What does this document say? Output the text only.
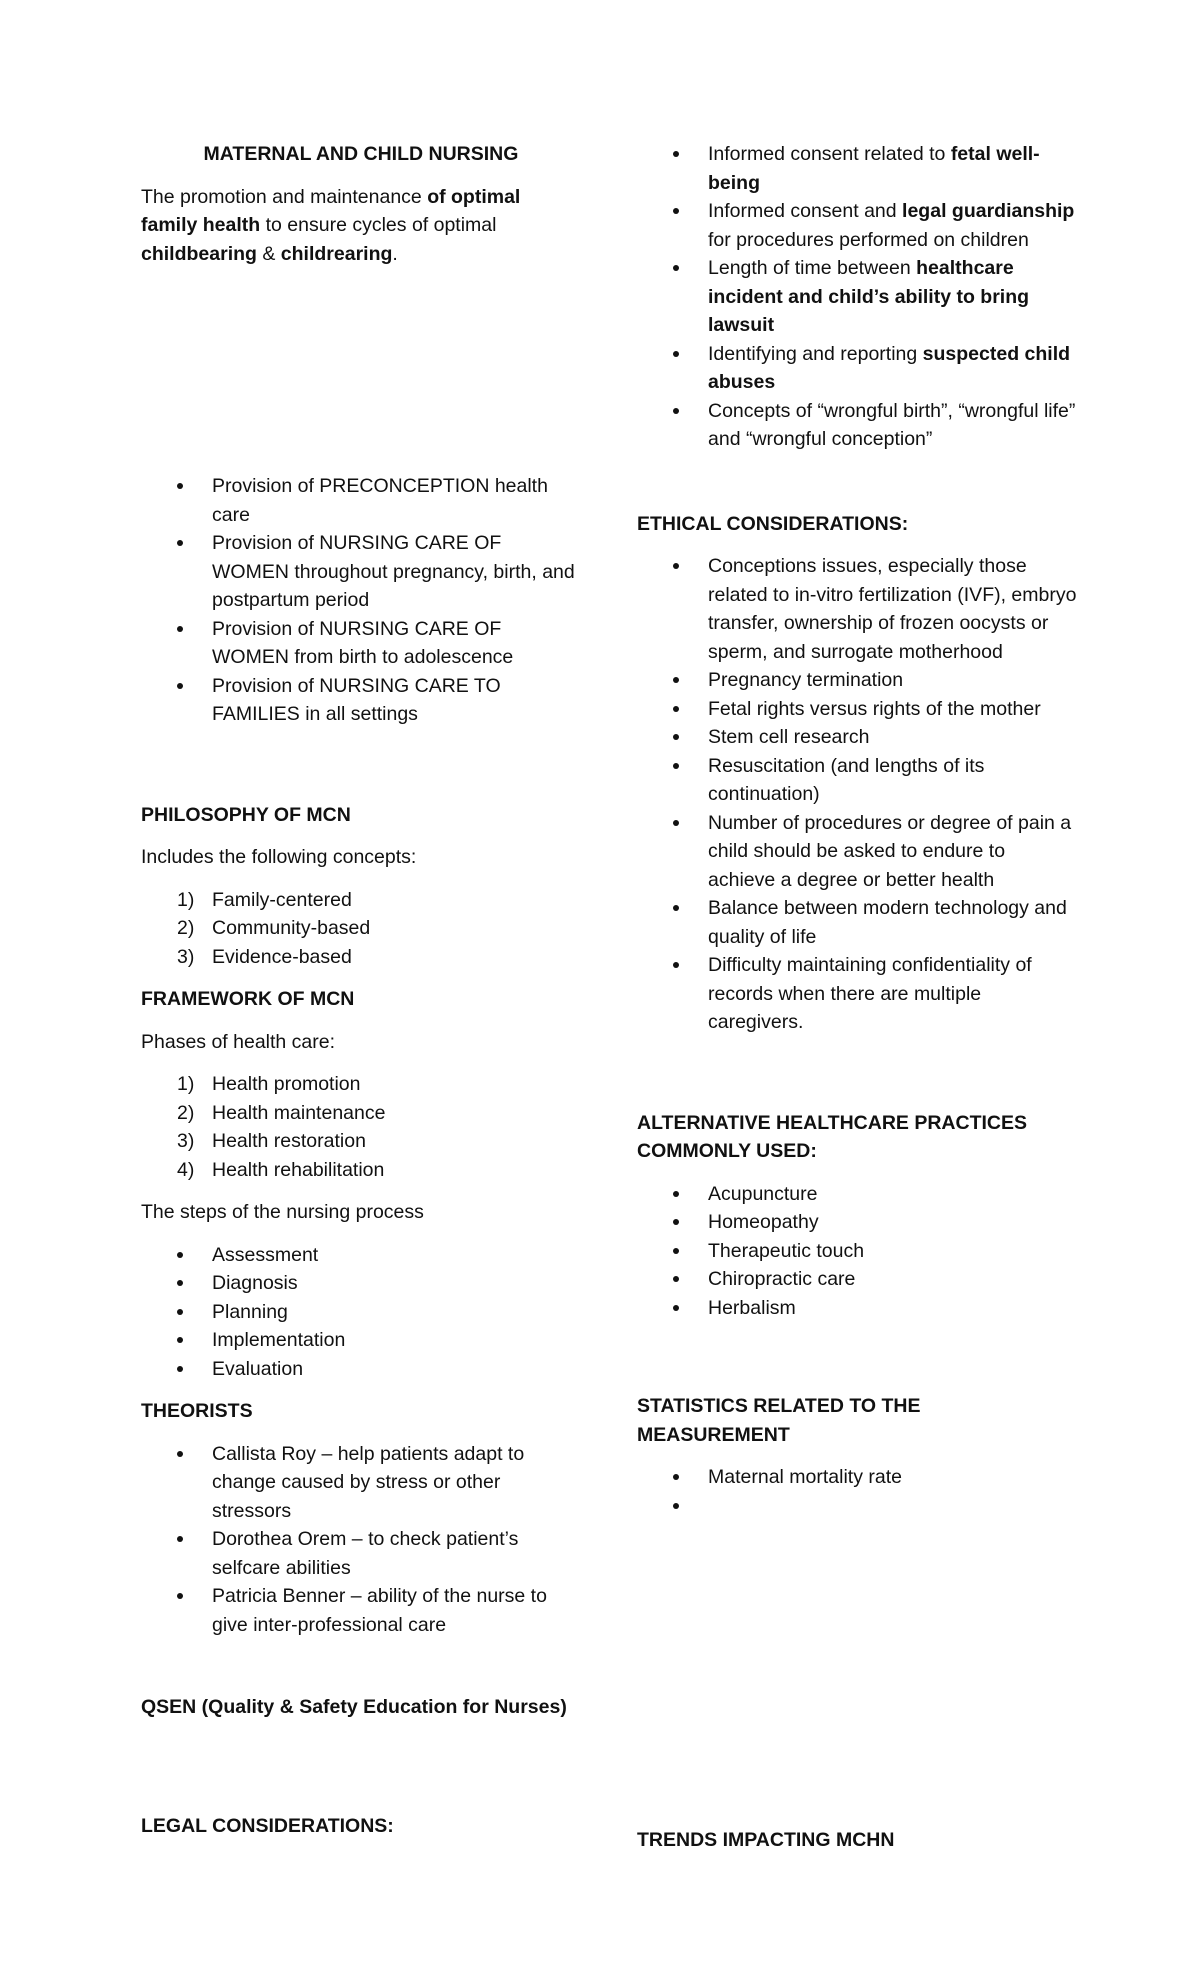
MATERNAL AND CHILD NURSING
The promotion and maintenance of optimal family health to ensure cycles of optimal childbearing & childrearing.
Provision of PRECONCEPTION health care
Provision of NURSING CARE OF WOMEN throughout pregnancy, birth, and postpartum period
Provision of NURSING CARE OF WOMEN from birth to adolescence
Provision of NURSING CARE TO FAMILIES in all settings
PHILOSOPHY OF MCN
Includes the following concepts:
1) Family-centered
2) Community-based
3) Evidence-based
FRAMEWORK OF MCN
Phases of health care:
1) Health promotion
2) Health maintenance
3) Health restoration
4) Health rehabilitation
The steps of the nursing process
Assessment
Diagnosis
Planning
Implementation
Evaluation
THEORISTS
Callista Roy – help patients adapt to change caused by stress or other stressors
Dorothea Orem – to check patient’s selfcare abilities
Patricia Benner – ability of the nurse to give inter-professional care
QSEN (Quality & Safety Education for Nurses)
LEGAL CONSIDERATIONS:
Informed consent related to fetal well-being
Informed consent and legal guardianship for procedures performed on children
Length of time between healthcare incident and child’s ability to bring lawsuit
Identifying and reporting suspected child abuses
Concepts of “wrongful birth”, “wrongful life” and “wrongful conception”
ETHICAL CONSIDERATIONS:
Conceptions issues, especially those related to in-vitro fertilization (IVF), embryo transfer, ownership of frozen oocysts or sperm, and surrogate motherhood
Pregnancy termination
Fetal rights versus rights of the mother
Stem cell research
Resuscitation (and lengths of its continuation)
Number of procedures or degree of pain a child should be asked to endure to achieve a degree or better health
Balance between modern technology and quality of life
Difficulty maintaining confidentiality of records when there are multiple caregivers.
ALTERNATIVE HEALTHCARE PRACTICES COMMONLY USED:
Acupuncture
Homeopathy
Therapeutic touch
Chiropractic care
Herbalism
STATISTICS RELATED TO THE MEASUREMENT
Maternal mortality rate
TRENDS IMPACTING MCHN
